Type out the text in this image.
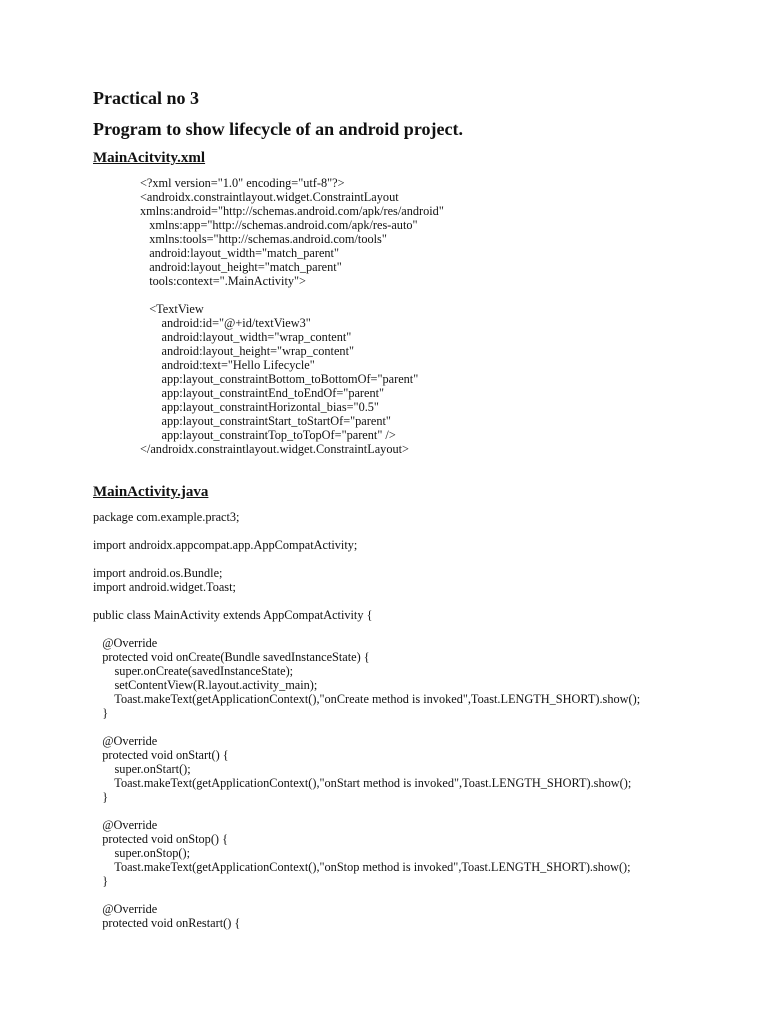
Practical no 3
Program to show lifecycle of an android project.
MainAcitvity.xml
<?xml version="1.0" encoding="utf-8"?>
<androidx.constraintlayout.widget.ConstraintLayout
xmlns:android="http://schemas.android.com/apk/res/android"
xmlns:app="http://schemas.android.com/apk/res-auto"
xmlns:tools="http://schemas.android.com/tools"
android:layout_width="match_parent"
android:layout_height="match_parent"
tools:context=".MainActivity">
<TextView
android:id="@+id/textView3"
android:layout_width="wrap_content"
android:layout_height="wrap_content"
android:text="Hello Lifecycle"
app:layout_constraintBottom_toBottomOf="parent"
app:layout_constraintEnd_toEndOf="parent"
app:layout_constraintHorizontal_bias="0.5"
app:layout_constraintStart_toStartOf="parent"
app:layout_constraintTop_toTopOf="parent" />
</androidx.constraintlayout.widget.ConstraintLayout>
MainActivity.java
package com.example.pract3;
import androidx.appcompat.app.AppCompatActivity;
import android.os.Bundle;
import android.widget.Toast;
public class MainActivity extends AppCompatActivity {
@Override
protected void onCreate(Bundle savedInstanceState) {
super.onCreate(savedInstanceState);
setContentView(R.layout.activity_main);
Toast.makeText(getApplicationContext(),"onCreate method is invoked",Toast.LENGTH_SHORT).show();
}
@Override
protected void onStart() {
super.onStart();
Toast.makeText(getApplicationContext(),"onStart method is invoked",Toast.LENGTH_SHORT).show();
}
@Override
protected void onStop() {
super.onStop();
Toast.makeText(getApplicationContext(),"onStop method is invoked",Toast.LENGTH_SHORT).show();
}
@Override
protected void onRestart() {
